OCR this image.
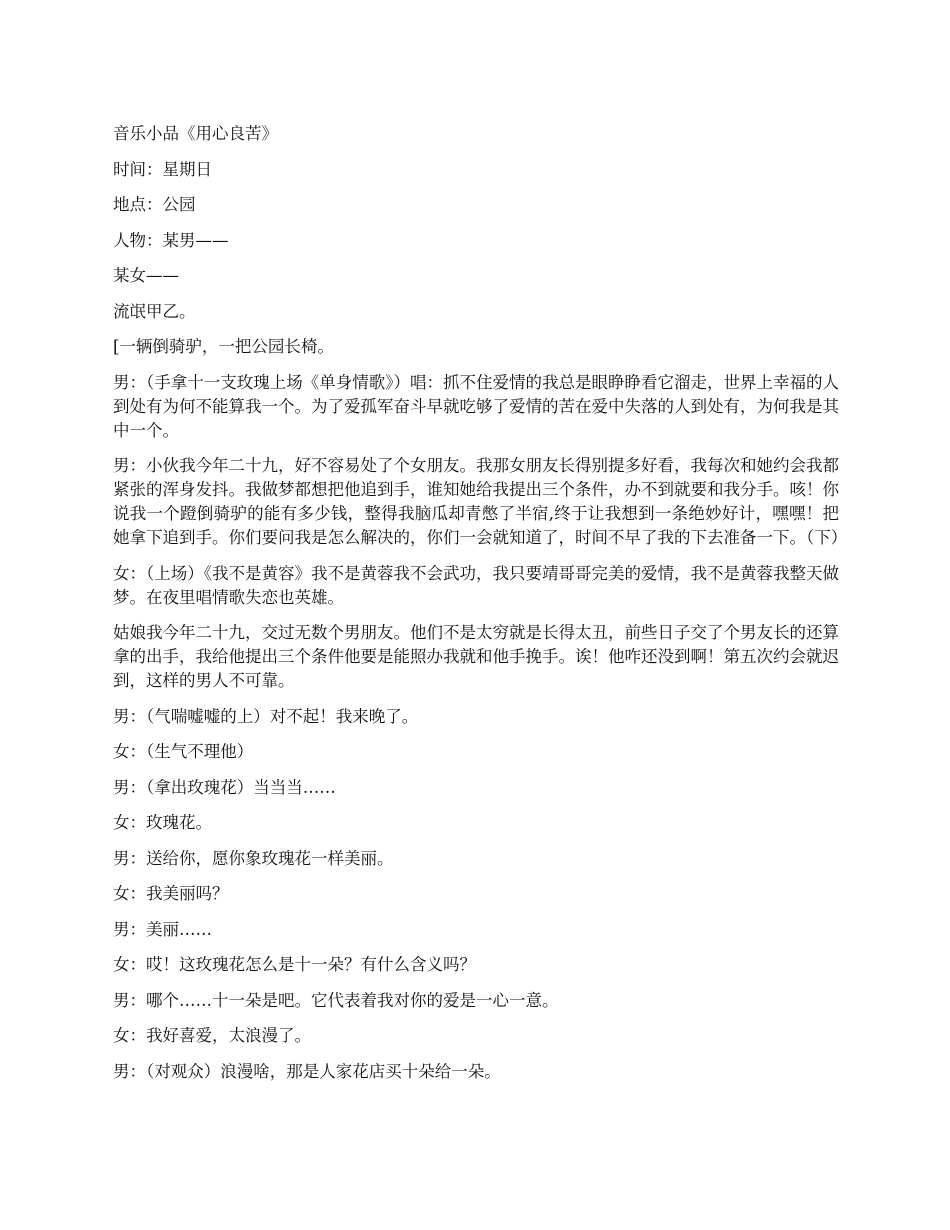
音乐小品《用心良苦》

时间：星期日

地点：公园

人物：某男——

某女——

流氓甲乙。

[一辆倒骑驴，一把公园长椅。

男：（手拿十一支玫瑰上场《单身情歌》）唱：抓不住爱情的我总是眼睁睁看它溜走，世界上幸福的人到处有为何不能算我一个。为了爱孤军奋斗早就吃够了爱情的苦在爱中失落的人到处有，为何我是其中一个。

男：小伙我今年二十九，好不容易处了个女朋友。我那女朋友长得别提多好看，我每次和她约会我都紧张的浑身发抖。我做梦都想把他追到手，谁知她给我提出三个条件，办不到就要和我分手。咳！你说我一个蹬倒骑驴的能有多少钱，整得我脑瓜却青憋了半宿,终于让我想到一条绝妙好计，嘿嘿！把她拿下追到手。你们要问我是怎么解决的，你们一会就知道了，时间不早了我的下去准备一下。（下）

女：（上场）《我不是黄容》我不是黄蓉我不会武功，我只要靖哥哥完美的爱情，我不是黄蓉我整天做梦。在夜里唱情歌失恋也英雄。

姑娘我今年二十九，交过无数个男朋友。他们不是太穷就是长得太丑，前些日子交了个男友长的还算拿的出手，我给他提出三个条件他要是能照办我就和他手挽手。诶！他咋还没到啊！第五次约会就迟到，这样的男人不可靠。

男：（气喘嘘嘘的上）对不起！我来晚了。

女：（生气不理他）

男：（拿出玫瑰花）当当当……

女：玫瑰花。

男：送给你，愿你象玫瑰花一样美丽。

女：我美丽吗？

男：美丽……

女：哎！这玫瑰花怎么是十一朵？有什么含义吗？

男：哪个……十一朵是吧。它代表着我对你的爱是一心一意。

女：我好喜爱，太浪漫了。

男：（对观众）浪漫啥，那是人家花店买十朵给一朵。
